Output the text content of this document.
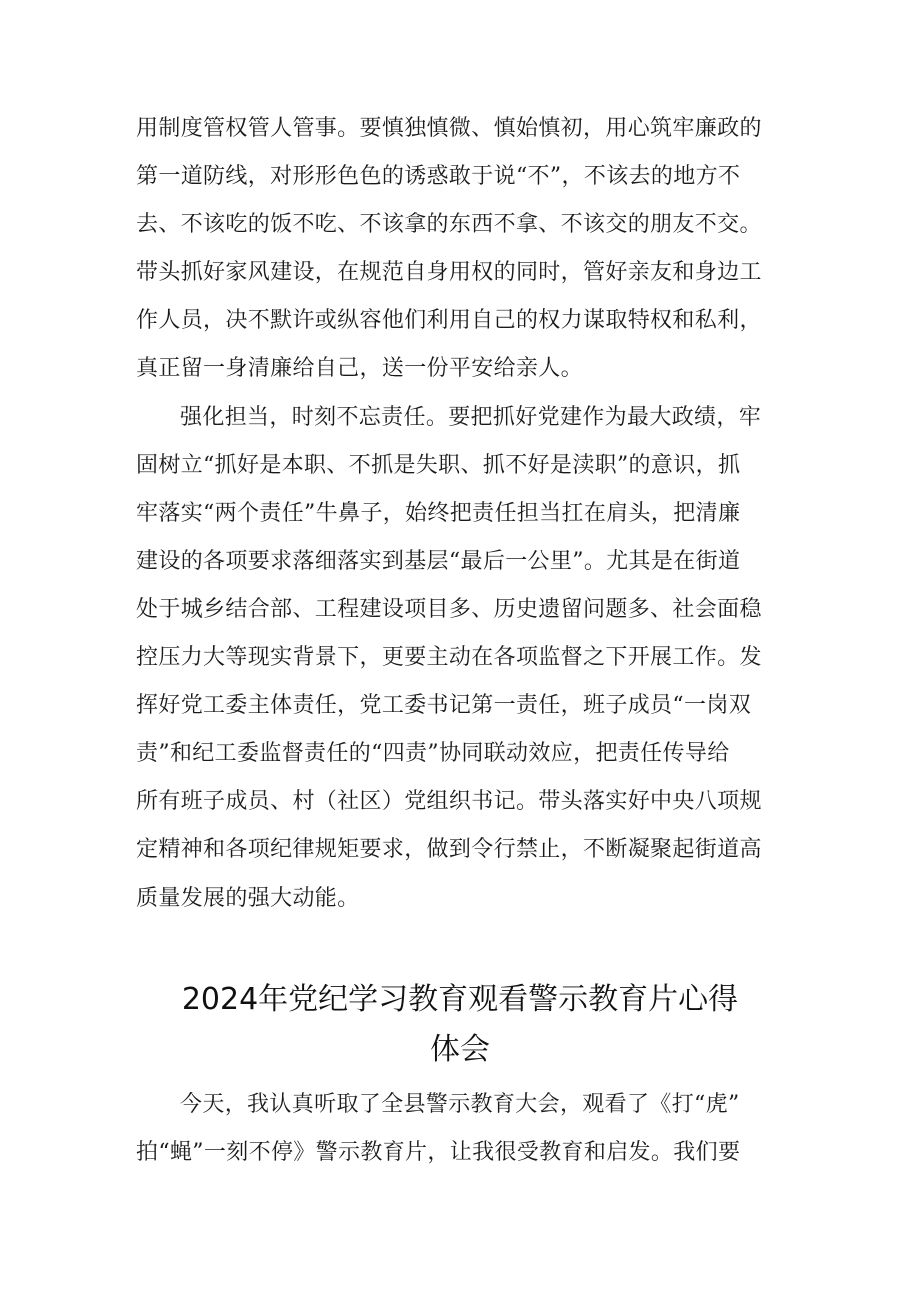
用制度管权管人管事。要慎独慎微、慎始慎初，用心筑牢廉政的
第一道防线，对形形色色的诱惑敢于说“不”，不该去的地方不
去、不该吃的饭不吃、不该拿的东西不拿、不该交的朋友不交。
带头抓好家风建设，在规范自身用权的同时，管好亲友和身边工
作人员，决不默许或纵容他们利用自己的权力谋取特权和私利，
真正留一身清廉给自己，送一份平安给亲人。
强化担当，时刻不忘责任。要把抓好党建作为最大政绩，牢
固树立“抓好是本职、不抓是失职、抓不好是渎职”的意识，抓
牢落实“两个责任”牛鼻子，始终把责任担当扛在肩头，把清廉
建设的各项要求落细落实到基层“最后一公里”。尤其是在街道
处于城乡结合部、工程建设项目多、历史遗留问题多、社会面稳
控压力大等现实背景下，更要主动在各项监督之下开展工作。发
挥好党工委主体责任，党工委书记第一责任，班子成员“一岗双
责”和纪工委监督责任的“四责”协同联动效应，把责任传导给
所有班子成员、村（社区）党组织书记。带头落实好中央八项规
定精神和各项纪律规矩要求，做到令行禁止，不断凝聚起街道高
质量发展的强大动能。
2024年党纪学习教育观看警示教育片心得
体会
今天，我认真听取了全县警示教育大会，观看了《打“虎”
拍“蝇”一刻不停》警示教育片，让我很受教育和启发。我们要
